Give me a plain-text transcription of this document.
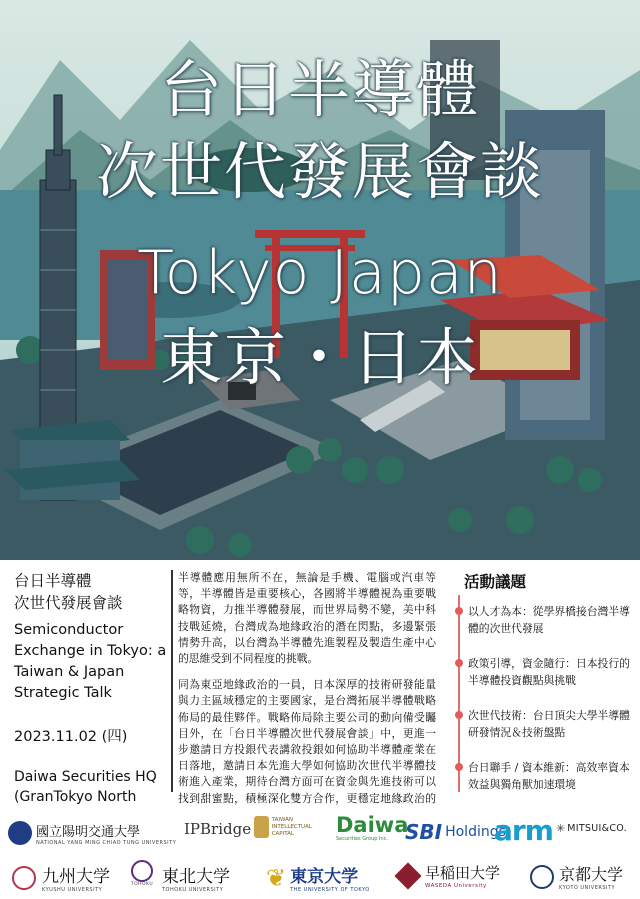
台日半導體
次世代發展會談
Tokyo Japan
東京・日本
台日半導體
次世代發展會談
Semiconductor Exchange in Tokyo: a Taiwan & Japan Strategic Talk
2023.11.02 (四)
Daiwa Securities HQ (GranTokyo North

半導體應用無所不在，無論是手機、電腦或汽車等等，半導體皆是重要核心，各國將半導體視為重要戰略物資，力推半導體發展，而世界局勢不變，美中科技戰延燒，台灣成為地緣政治的潛在閃點，多邊緊張情勢升高，以台灣為半導體先進製程及製造生產中心的思維受到不同程度的挑戰。

同為東亞地緣政治的一員，日本深厚的技術研發能量與力主區域穩定的主要國家，是台灣拓展半導體戰略佈局的最佳夥伴。戰略佈局除主要公司的動向備受矚目外，在「台日半導體次世代發展會談」中，更進一步邀請日方投銀代表講敘投銀如何協助半導體產業在日落地，邀請日本先進大學如何協助次世代半導體技術進入產業，期待台灣方面可在資金與先進技術可以找到甜蜜點，積極深化雙方合作，更穩定地緣政治的

活動議題
以人才為本：從學界橋接台灣半導體的次世代發展
政策引導，資金隨行：日本投行的半導體投資觀點與挑戰
次世代技術：台日頂尖大學半導體研發情況＆技術盤點
台日聯手 / 資本維新：高效率資本效益與獨角獸加速環境
國立陽明交通大學
NATIONAL YANG MING CHIAO TUNG UNIVERSITY
IPBridge
TAIWAN INTELLECTUAL CAPITAL	Daiwa
Securities Group Inc. SBI Holdings
arm ✳ MITSUI&CO.
九州大学
KYUSHU UNIVERSITY
TOHOKU 東北大学
TOHOKU UNIVERSITY ❦ 東京大学
THE UNIVERSITY OF TOKYO
早稲田大学
WASEDA University
京都大学
KYOTO UNIVERSITY
